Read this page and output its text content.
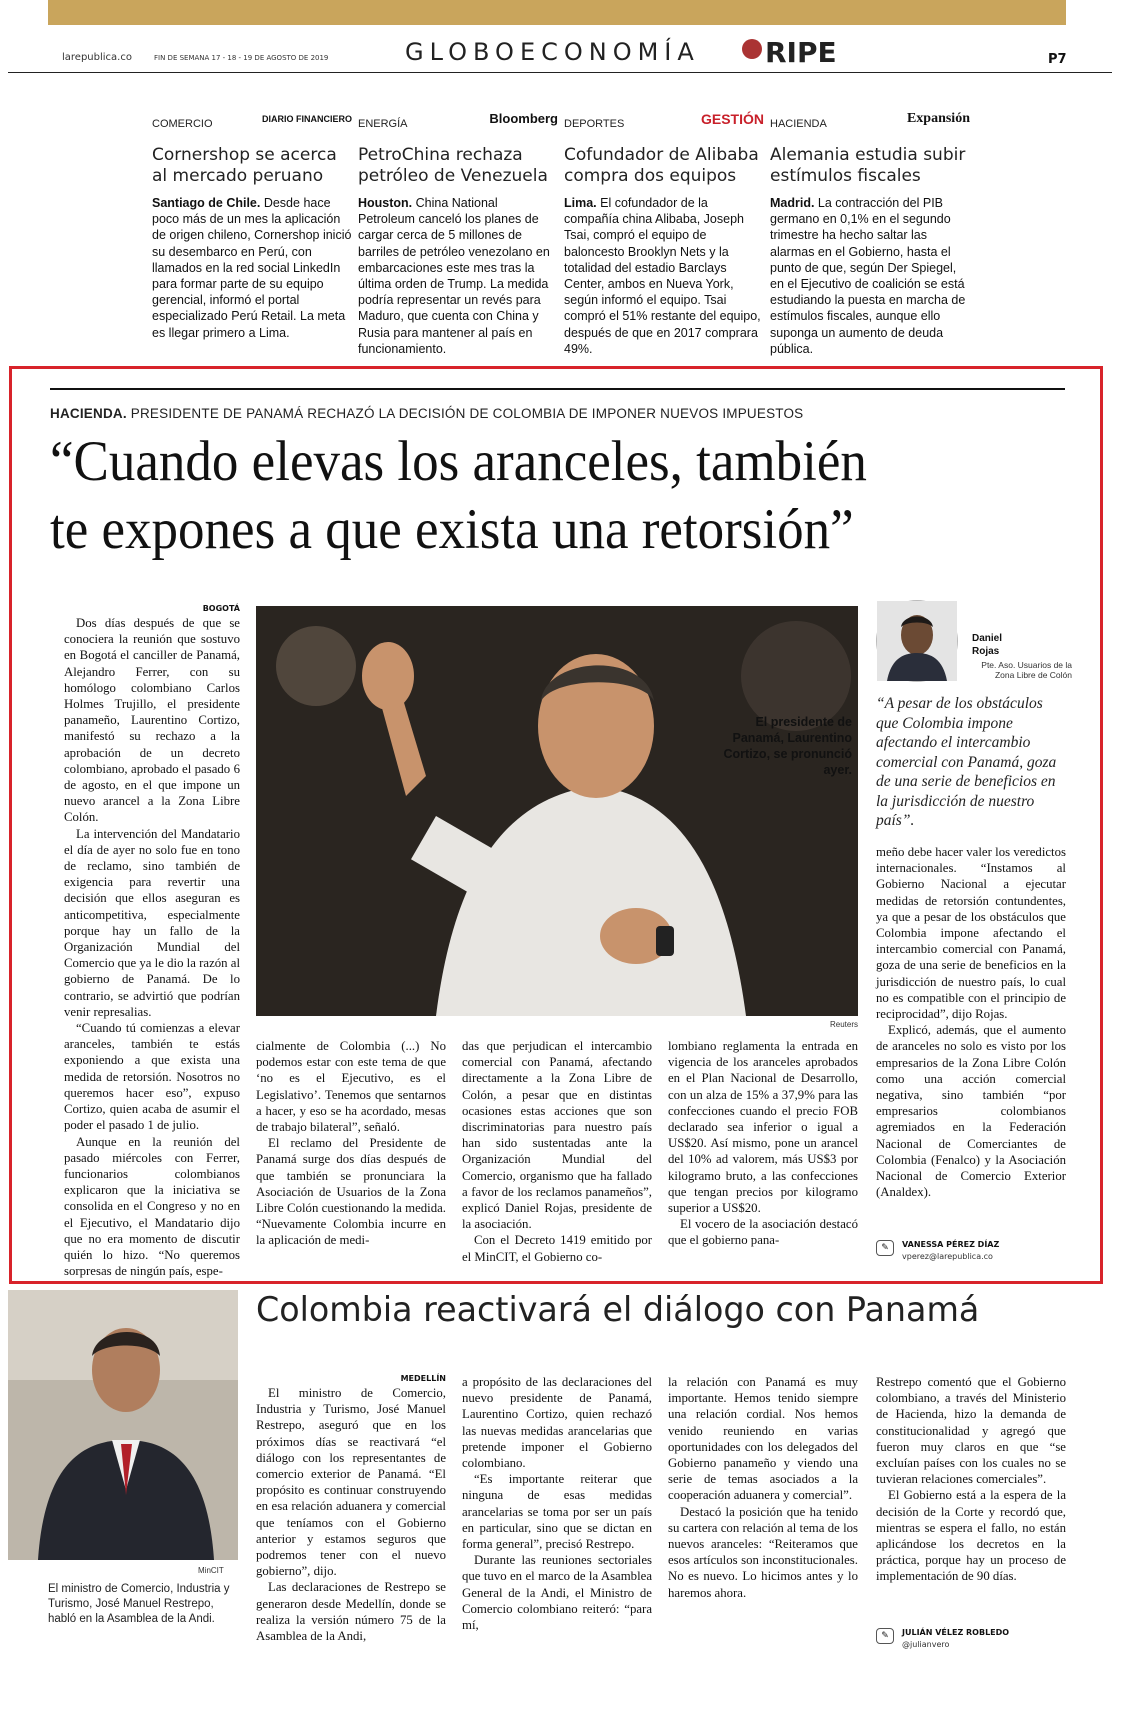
larepublica.co	FIN DE SEMANA 17 - 18 - 19 DE AGOSTO DE 2019	GLOBOECONOMÍA	RIPE	P7
COMERCIO	DIARIO FINANCIERO
Cornershop se acerca al mercado peruano

Santiago de Chile. Desde hace poco más de un mes la aplicación de origen chileno, Cornershop inició su desembarco en Perú, con llamados en la red social LinkedIn para formar parte de su equipo gerencial, informó el portal especializado Perú Retail. La meta es llegar primero a Lima.

ENERGÍA	Bloomberg
PetroChina rechaza petróleo de Venezuela

Houston. China National Petroleum canceló los planes de cargar cerca de 5 millones de barriles de petróleo venezolano en embarcaciones este mes tras la última orden de Trump. La medida podría representar un revés para Maduro, que cuenta con China y Rusia para mantener al país en funcionamiento.

DEPORTES	GESTIÓN
Cofundador de Alibaba compra dos equipos

Lima. El cofundador de la compañía china Alibaba, Joseph Tsai, compró el equipo de baloncesto Brooklyn Nets y la totalidad del estadio Barclays Center, ambos en Nueva York, según informó el equipo. Tsai compró el 51% restante del equipo, después de que en 2017 comprara 49%.

HACIENDA	Expansión
Alemania estudia subir estímulos fiscales

Madrid. La contracción del PIB germano en 0,1% en el segundo trimestre ha hecho saltar las alarmas en el Gobierno, hasta el punto de que, según Der Spiegel, en el Ejecutivo de coalición se está estudiando la puesta en marcha de estímulos fiscales, aunque ello suponga un aumento de deuda pública.

HACIENDA. PRESIDENTE DE PANAMÁ RECHAZÓ LA DECISIÓN DE COLOMBIA DE IMPONER NUEVOS IMPUESTOS
“Cuando elevas los aranceles, también
te expones a que exista una retorsión”
BOGOTÁ

Dos días después de que se conociera la reunión que sostuvo en Bogotá el canciller de Panamá, Alejandro Ferrer, con su homólogo colombiano Carlos Holmes Trujillo, el presidente panameño, Laurentino Cortizo, manifestó su rechazo a la aprobación de un decreto colombiano, aprobado el pasado 6 de agosto, en el que impone un nuevo arancel a la Zona Libre Colón.

La intervención del Mandatario el día de ayer no solo fue en tono de reclamo, sino también de exigencia para revertir una decisión que ellos aseguran es anticompetitiva, especialmente porque hay un fallo de la Organización Mundial del Comercio que ya le dio la razón al gobierno de Panamá. De lo contrario, se advirtió que podrían venir represalias.

“Cuando tú comienzas a elevar aranceles, también te estás exponiendo a que exista una medida de retorsión. Nosotros no queremos hacer eso”, expuso Cortizo, quien acaba de asumir el poder el pasado 1 de julio.

Aunque en la reunión del pasado miércoles con Ferrer, funcionarios colombianos explicaron que la iniciativa se consolida en el Congreso y no en el Ejecutivo, el Mandatario dijo que no era momento de discutir quién lo hizo. “No queremos sorpresas de ningún país, espe-

Reuters
El presidente de Panamá, Laurentino Cortizo, se pronunció ayer.
Daniel
Rojas
Pte. Aso. Usuarios de la Zona Libre de Colón
“A pesar de los obstáculos que Colombia impone afectando el intercambio comercial con Panamá, goza de una serie de beneficios en la jurisdicción de nuestro país”.

cialmente de Colombia (...) No podemos estar con este tema de que ‘no es el Ejecutivo, es el Legislativo’. Tenemos que sentarnos a hacer, y eso se ha acordado, mesas de trabajo bilateral”, señaló.

El reclamo del Presidente de Panamá surge dos días después de que también se pronunciara la Asociación de Usuarios de la Zona Libre Colón cuestionando la medida. “Nuevamente Colombia incurre en la aplicación de medi-

das que perjudican el intercambio comercial con Panamá, afectando directamente a la Zona Libre de Colón, a pesar que en distintas ocasiones estas acciones que son discriminatorias para nuestro país han sido sustentadas ante la Organización Mundial del Comercio, organismo que ha fallado a favor de los reclamos panameños”, explicó Daniel Rojas, presidente de la asociación.

Con el Decreto 1419 emitido por el MinCIT, el Gobierno co-

lombiano reglamenta la entrada en vigencia de los aranceles aprobados en el Plan Nacional de Desarrollo, con un alza de 15% a 37,9% para las confecciones cuando el precio FOB declarado sea inferior o igual a US$20. Así mismo, pone un arancel del 10% ad valorem, más US$3 por kilogramo bruto, a las confecciones que tengan precios por kilogramo superior a US$20.

El vocero de la asociación destacó que el gobierno pana-

meño debe hacer valer los veredictos internacionales. “Instamos al Gobierno Nacional a ejecutar medidas de retorsión contundentes, ya que a pesar de los obstáculos que Colombia impone afectando el intercambio comercial con Panamá, goza de una serie de beneficios en la jurisdicción de nuestro país, lo cual no es compatible con el principio de reciprocidad”, dijo Rojas.

Explicó, además, que el aumento de aranceles no solo es visto por los empresarios de la Zona Libre Colón como una acción comercial negativa, sino también “por empresarios colombianos agremiados en la Federación Nacional de Comerciantes de Colombia (Fenalco) y la Asociación Nacional de Comercio Exterior (Analdex).

✎	VANESSA PÉREZ DÍAZ
vperez@larepublica.co
MinCIT
El ministro de Comercio, Industria y Turismo, José Manuel Restrepo, habló en la Asamblea de la Andi.
Colombia reactivará el diálogo con Panamá
MEDELLÍN

El ministro de Comercio, Industria y Turismo, José Manuel Restrepo, aseguró que en los próximos días se reactivará “el diálogo con los representantes de comercio exterior de Panamá. “El propósito es continuar construyendo en esa relación aduanera y comercial que teníamos con el Gobierno anterior y estamos seguros que podremos tener con el nuevo gobierno”, dijo.

Las declaraciones de Restrepo se generaron desde Medellín, donde se realiza la versión número 75 de la Asamblea de la Andi,

a propósito de las declaraciones del nuevo presidente de Panamá, Laurentino Cortizo, quien rechazó las nuevas medidas arancelarias que pretende imponer el Gobierno colombiano.

“Es importante reiterar que ninguna de esas medidas arancelarias se toma por ser un país en particular, sino que se dictan en forma general”, precisó Restrepo.

Durante las reuniones sectoriales que tuvo en el marco de la Asamblea General de la Andi, el Ministro de Comercio colombiano reiteró: “para mí,

la relación con Panamá es muy importante. Hemos tenido siempre una relación cordial. Nos hemos venido reuniendo en varias oportunidades con los delegados del Gobierno panameño y viendo una serie de temas asociados a la cooperación aduanera y comercial”.

Destacó la posición que ha tenido su cartera con relación al tema de los nuevos aranceles: “Reiteramos que esos artículos son inconstitucionales. No es nuevo. Lo hicimos antes y lo haremos ahora.

Restrepo comentó que el Gobierno colombiano, a través del Ministerio de Hacienda, hizo la demanda de constitucionalidad y agregó que fueron muy claros en que “se excluían países con los cuales no se tuvieran relaciones comerciales”.

El Gobierno está a la espera de la decisión de la Corte y recordó que, mientras se espera el fallo, no están aplicándose los decretos en la práctica, porque hay un proceso de implementación de 90 días.

✎	JULIÁN VÉLEZ ROBLEDO
@julianvero
